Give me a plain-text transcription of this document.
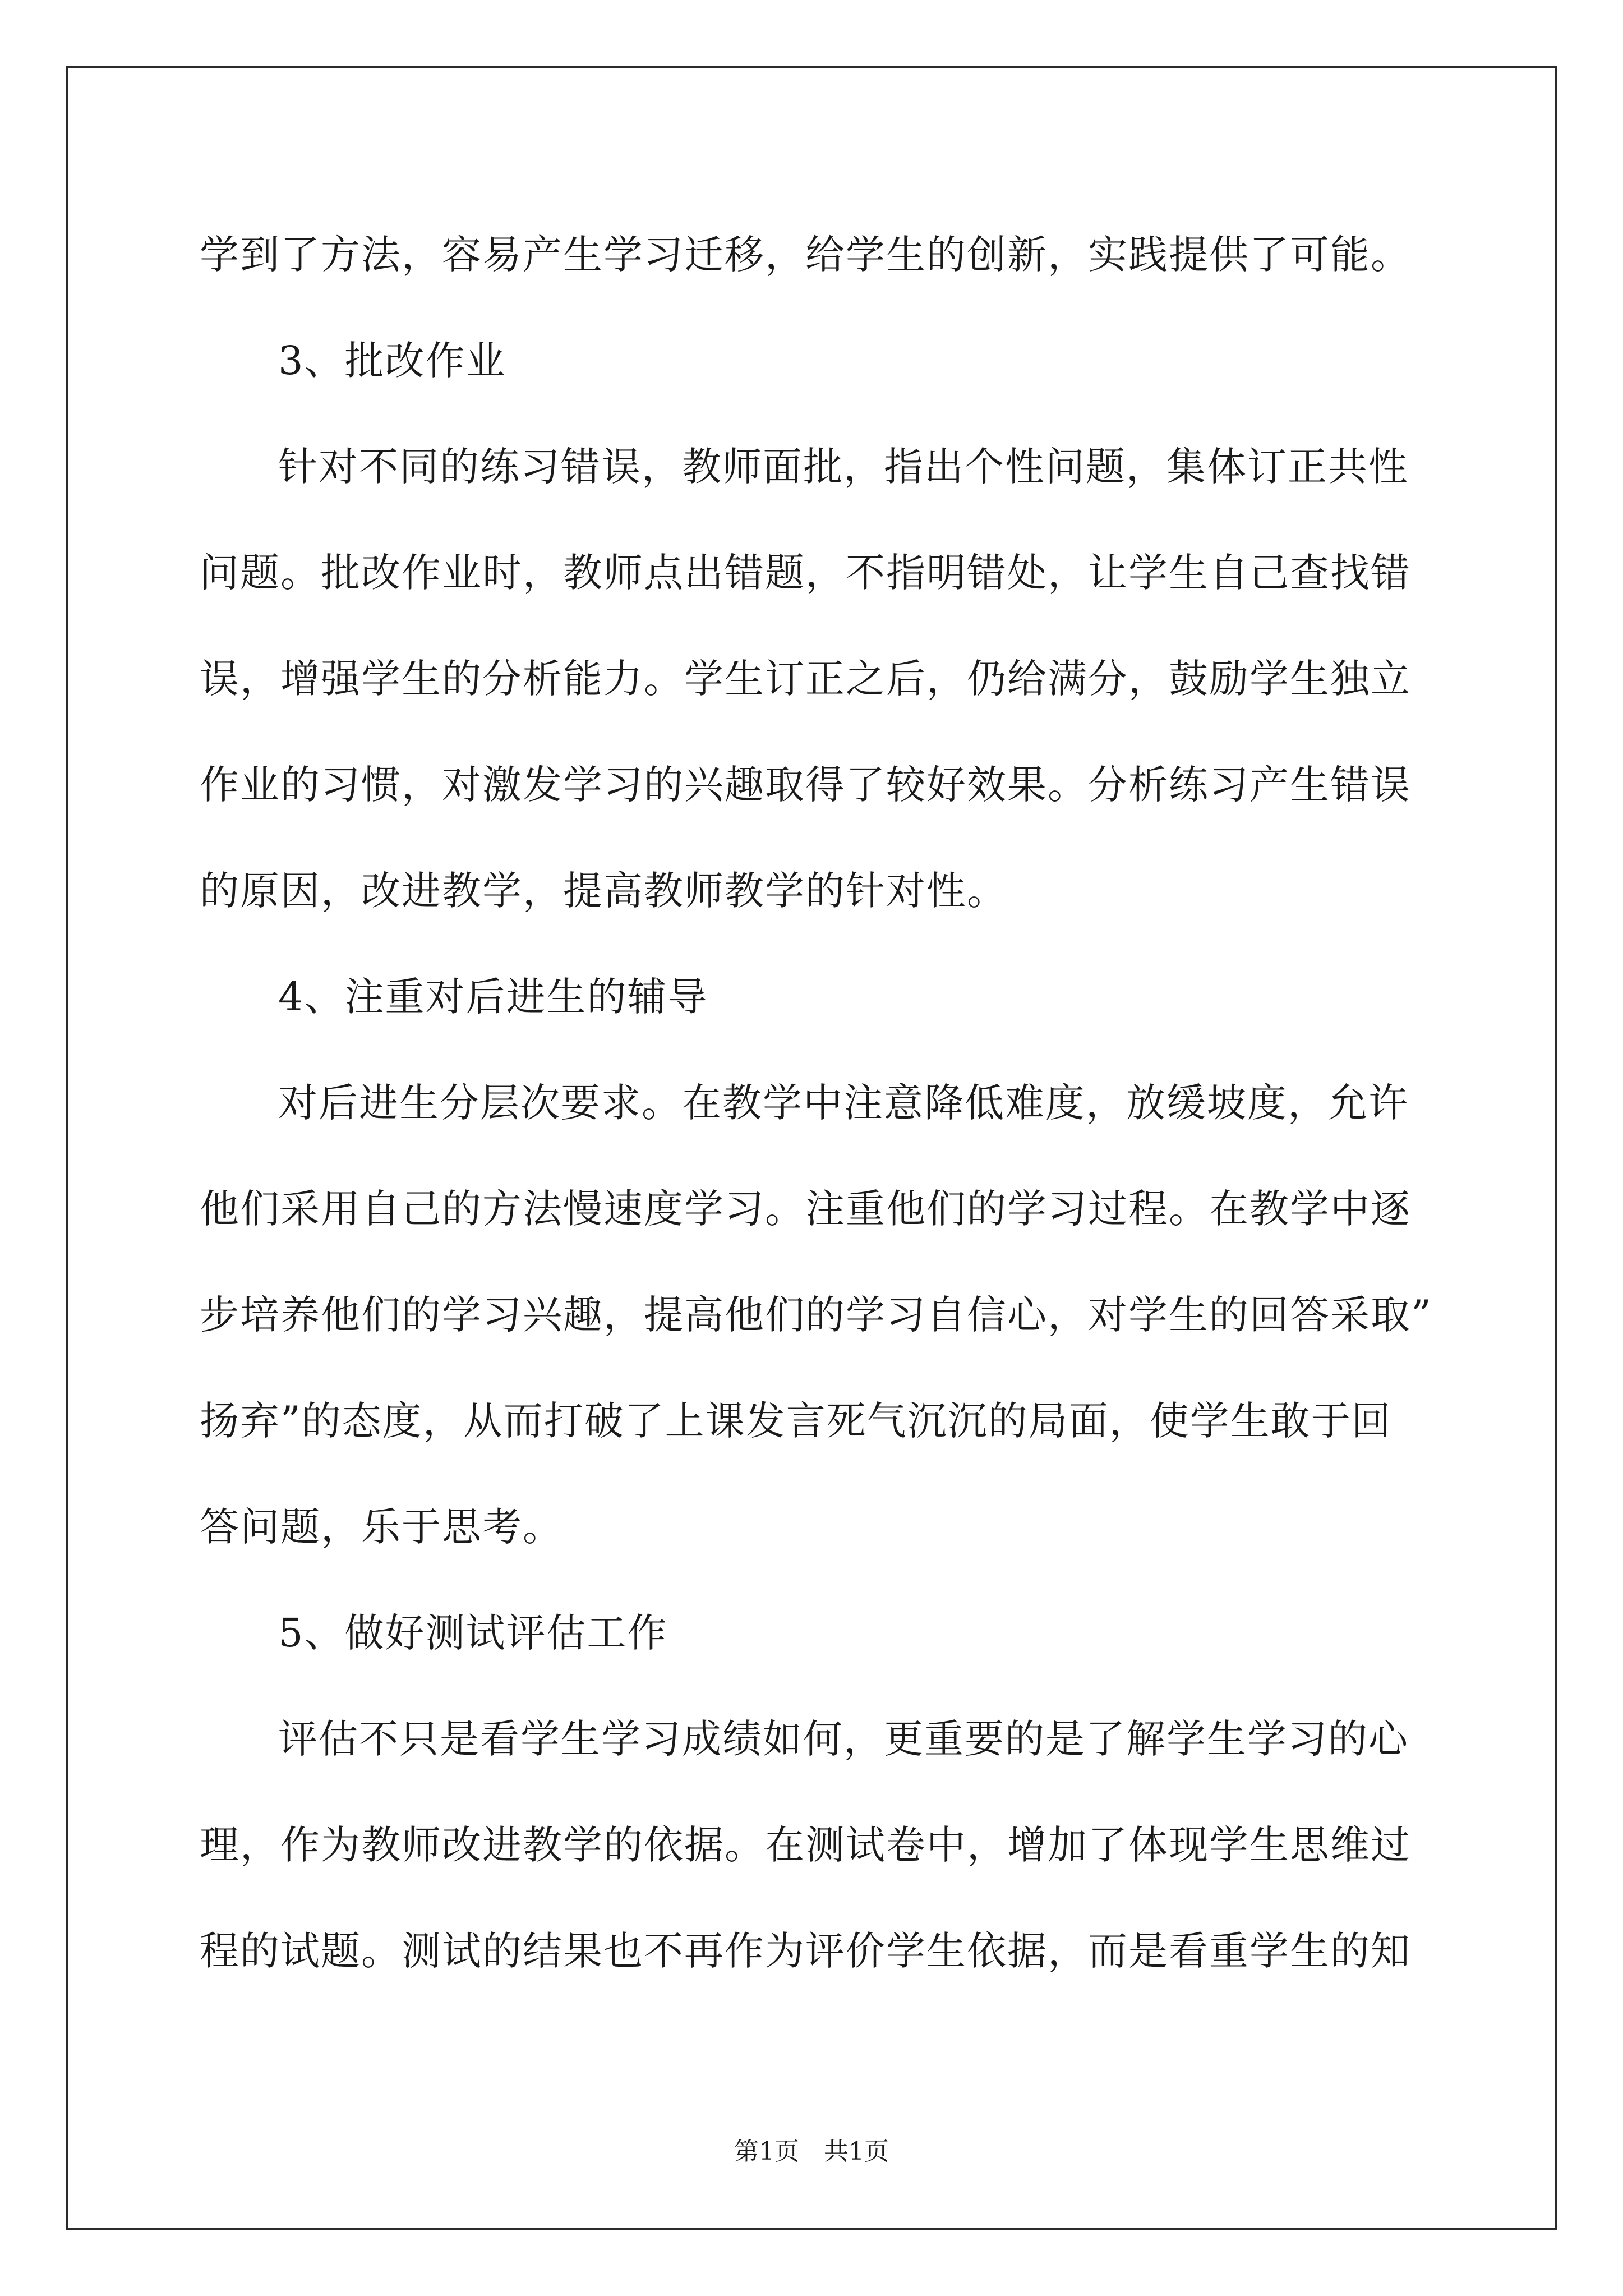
学到了方法，容易产生学习迁移，给学生的创新，实践提供了可能。
3、批改作业
针对不同的练习错误，教师面批，指出个性问题，集体订正共性
问题。批改作业时，教师点出错题，不指明错处，让学生自己查找错
误，增强学生的分析能力。学生订正之后，仍给满分，鼓励学生独立
作业的习惯，对激发学习的兴趣取得了较好效果。分析练习产生错误
的原因，改进教学，提高教师教学的针对性。
4、注重对后进生的辅导
对后进生分层次要求。在教学中注意降低难度，放缓坡度，允许
他们采用自己的方法慢速度学习。注重他们的学习过程。在教学中逐
步培养他们的学习兴趣，提高他们的学习自信心，对学生的回答采取”
扬弃”的态度，从而打破了上课发言死气沉沉的局面，使学生敢于回
答问题，乐于思考。
5、做好测试评估工作
评估不只是看学生学习成绩如何，更重要的是了解学生学习的心
理，作为教师改进教学的依据。在测试卷中，增加了体现学生思维过
程的试题。测试的结果也不再作为评价学生依据，而是看重学生的知
第1页　共1页
